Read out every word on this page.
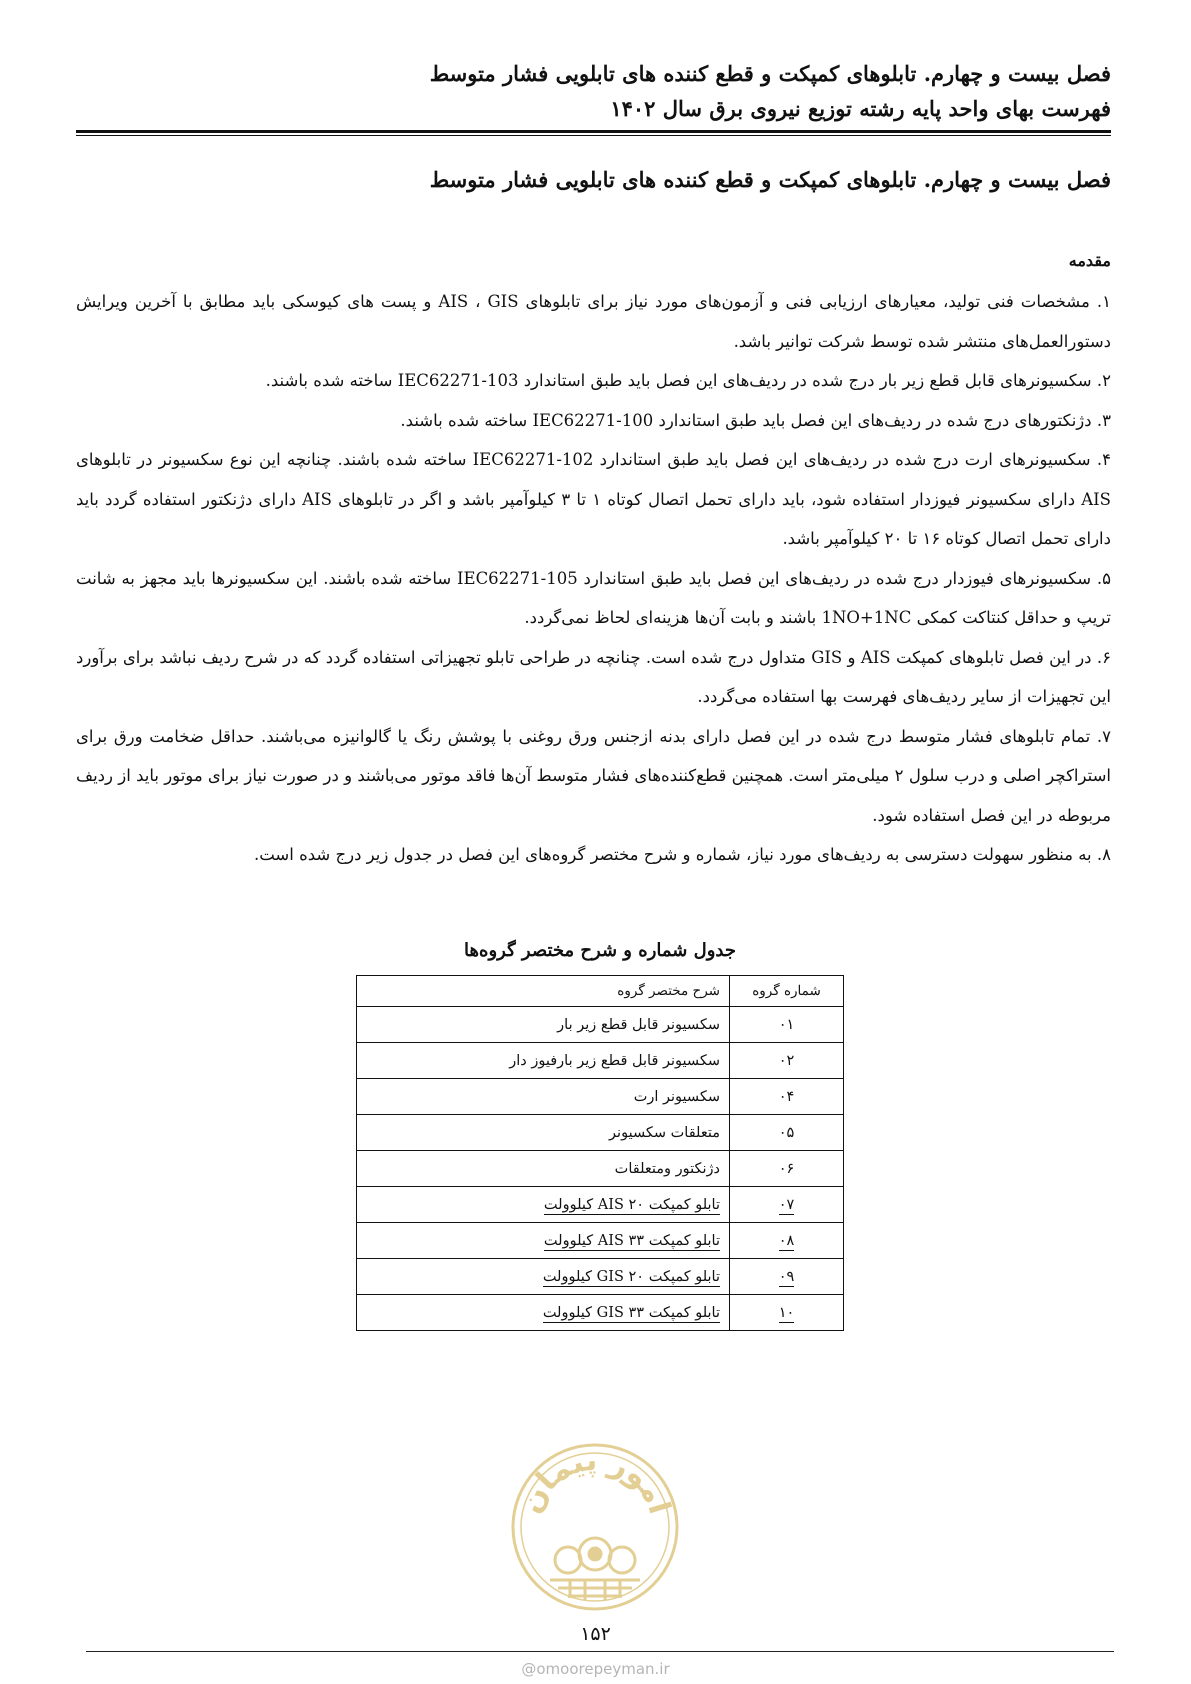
فصل بیست و چهارم. تابلوهای کمپکت و قطع کننده های تابلویی فشار متوسط
فهرست بهای واحد پایه رشته توزیع نیروی برق سال ۱۴۰۲
فصل بیست و چهارم. تابلوهای کمپکت و قطع کننده های تابلویی فشار متوسط
مقدمه

۱. مشخصات فنی تولید، معیارهای ارزیابی فنی و آزمون‌های مورد نیاز برای تابلوهای AIS ، GIS و پست های کیوسکی باید مطابق با آخرین ویرایش دستورالعمل‌های منتشر شده توسط شرکت توانیر باشد.

۲. سکسیونرهای قابل قطع زیر بار درج شده در ردیف‌های این فصل باید طبق استاندارد IEC62271-103 ساخته شده باشند.

۳. دژنکتورهای درج شده در ردیف‌های این فصل باید طبق استاندارد IEC62271-100 ساخته شده باشند.

۴. سکسیونرهای ارت درج شده در ردیف‌های این فصل باید طبق استاندارد IEC62271-102 ساخته شده باشند. چنانچه این نوع سکسیونر در تابلوهای AIS دارای سکسیونر فیوزدار استفاده شود، باید دارای تحمل اتصال کوتاه ۱ تا ۳ کیلوآمپر باشد و اگر در تابلوهای AIS دارای دژنکتور استفاده گردد باید دارای تحمل اتصال کوتاه ۱۶ تا ۲۰ کیلوآمپر باشد.

۵. سکسیونرهای فیوزدار درج شده در ردیف‌های این فصل باید طبق استاندارد IEC62271-105 ساخته شده باشند. این سکسیونرها باید مجهز به شانت تریپ و حداقل کنتاکت کمکی 1NO+1NC باشند و بابت آن‌ها هزینه‌ای لحاظ نمی‌گردد.

۶. در این فصل تابلوهای کمپکت AIS و GIS متداول درج شده است. چنانچه در طراحی تابلو تجهیزاتی استفاده گردد که در شرح ردیف نباشد برای برآورد این تجهیزات از سایر ردیف‌های فهرست بها استفاده می‌گردد.

۷. تمام تابلوهای فشار متوسط درج شده در این فصل دارای بدنه ازجنس ورق روغنی با پوشش رنگ یا گالوانیزه می‌باشند. حداقل ضخامت ورق برای استراکچر اصلی و درب سلول ۲ میلی‌متر است. همچنین قطع‌کننده‌های فشار متوسط آن‌ها فاقد موتور می‌باشند و در صورت نیاز برای موتور باید از ردیف مربوطه در این فصل استفاده شود.

۸. به منظور سهولت دسترسی به ردیف‌های مورد نیاز، شماره و شرح مختصر گروه‌های این فصل در جدول زیر درج شده است.

جدول شماره و شرح مختصر گروه‌ها
شماره گروه	شرح مختصر گروه
۰۱	سکسیونر قابل قطع زیر بار
۰۲	سکسیونر قابل قطع زیر بارفیوز دار
۰۴	سکسیونر ارت
۰۵	متعلقات سکسیونر
۰۶	دژنکتور ومتعلقات
۰۷	تابلو کمپکت AIS ۲۰ کیلوولت
۰۸	تابلو کمپکت AIS ۳۳ کیلوولت
۰۹	تابلو کمپکت GIS ۲۰ کیلوولت
۱۰	تابلو کمپکت GIS ۳۳ کیلوولت
امور پیمان
۱۵۲
@omoorepeyman.ir
